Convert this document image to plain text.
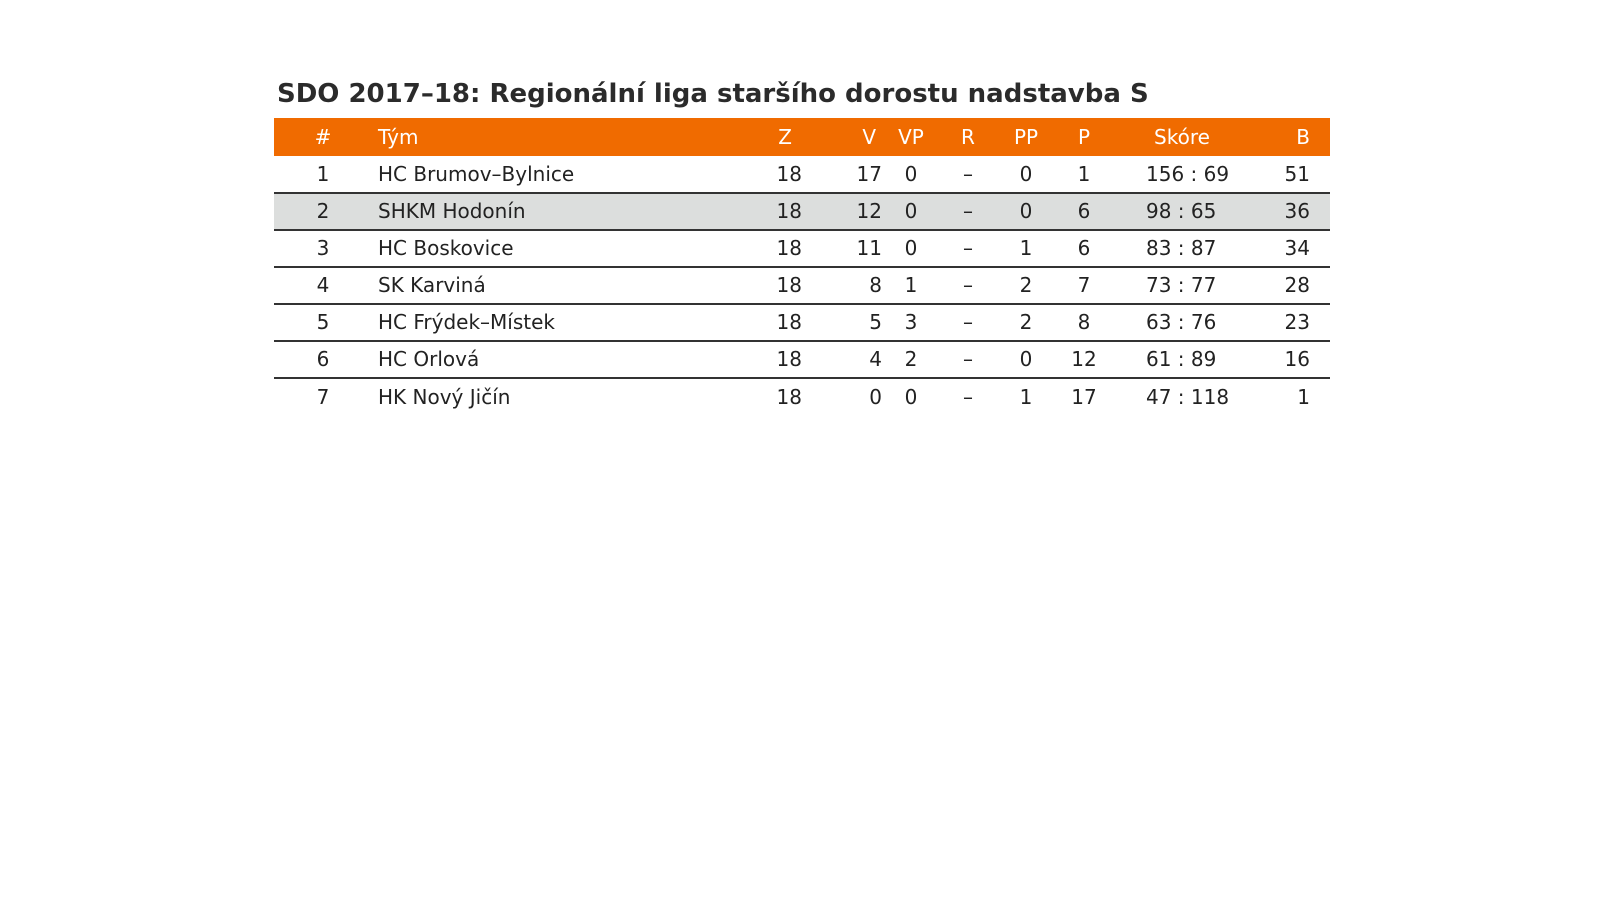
SDO 2017–18: Regionální liga staršího dorostu nadstavba S
#	Tým	Z	V	VP	R	PP	P	Skóre	B
1	HC Brumov–Bylnice	18	17	0	–	0	1	156 : 69	51
2	SHKM Hodonín	18	12	0	–	0	6	98 : 65	36
3	HC Boskovice	18	11	0	–	1	6	83 : 87	34
4	SK Karviná	18	8	1	–	2	7	73 : 77	28
5	HC Frýdek–Místek	18	5	3	–	2	8	63 : 76	23
6	HC Orlová	18	4	2	–	0	12	61 : 89	16
7	HK Nový Jičín	18	0	0	–	1	17	47 : 118	1
